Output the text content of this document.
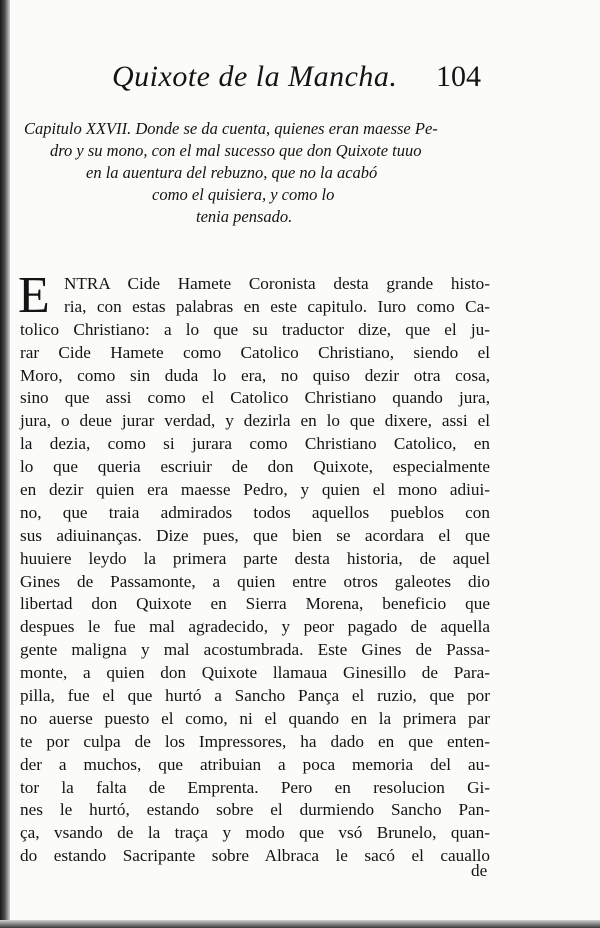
Quixote de la Mancha. 104
Capitulo XXVII. Donde se da cuenta, quienes eran maesse Pe-
dro y su mono, con el mal sucesso que don Quixote tuuo
en la auentura del rebuzno, que no la acabó
como el quisiera, y como lo
tenia pensado.
E NTRA Cide Hamete Coronista desta grande histo-
ria, con estas palabras en este capitulo. Iuro como Ca-
tolico Christiano: a lo que su traductor dize, que el ju-
rar Cide Hamete como Catolico Christiano, siendo el
Moro, como sin duda lo era, no quiso dezir otra cosa,
sino que assi como el Catolico Christiano quando jura,
jura, o deue jurar verdad, y dezirla en lo que dixere, assi el
la dezia, como si jurara como Christiano Catolico, en
lo que queria escriuir de don Quixote, especialmente
en dezir quien era maesse Pedro, y quien el mono adiui-
no, que traia admirados todos aquellos pueblos con
sus adiuinanças. Dize pues, que bien se acordara el que
huuiere leydo la primera parte desta historia, de aquel
Gines de Passamonte, a quien entre otros galeotes dio
libertad don Quixote en Sierra Morena, beneficio que
despues le fue mal agradecido, y peor pagado de aquella
gente maligna y mal acostumbrada. Este Gines de Passa-
monte, a quien don Quixote llamaua Ginesillo de Para-
pilla, fue el que hurtó a Sancho Pança el ruzio, que por
no auerse puesto el como, ni el quando en la primera par
te por culpa de los Impressores, ha dado en que enten-
der a muchos, que atribuian a poca memoria del au-
tor la falta de Emprenta. Pero en resolucion Gi-
nes le hurtó, estando sobre el durmiendo Sancho Pan-
ça, vsando de la traça y modo que vsó Brunelo, quan-
do estando Sacripante sobre Albraca le sacó el cauallo
de
